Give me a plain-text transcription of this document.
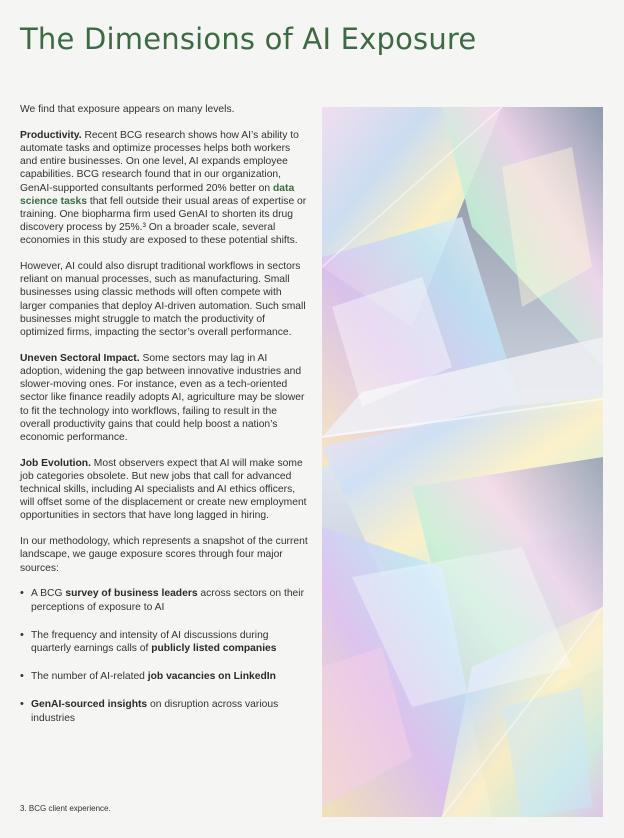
The Dimensions of AI Exposure

We find that exposure appears on many levels.

Productivity. Recent BCG research shows how AI’s ability to automate tasks and optimize processes helps both workers and entire businesses. On one level, AI expands employee capabilities. BCG research found that in our organization, GenAI-supported consultants performed 20% better on data science tasks that fell outside their usual areas of expertise or training. One biopharma firm used GenAI to shorten its drug discovery process by 25%.³ On a broader scale, several economies in this study are exposed to these potential shifts.

However, AI could also disrupt traditional workflows in sectors reliant on manual processes, such as manufacturing. Small businesses using classic methods will often compete with larger companies that deploy AI-driven automation. Such small businesses might struggle to match the productivity of optimized firms, impacting the sector’s overall performance.

Uneven Sectoral Impact. Some sectors may lag in AI adoption, widening the gap between innovative industries and slower-moving ones. For instance, even as a tech-oriented sector like finance readily adopts AI, agriculture may be slower to fit the technology into workflows, failing to result in the overall productivity gains that could help boost a nation’s economic performance.

Job Evolution. Most observers expect that AI will make some job categories obsolete. But new jobs that call for advanced technical skills, including AI specialists and AI ethics officers, will offset some of the displacement or create new employment opportunities in sectors that have long lagged in hiring.

In our methodology, which represents a snapshot of the current landscape, we gauge exposure scores through four major sources:

• A BCG survey of business leaders across sectors on their perceptions of exposure to AI
• The frequency and intensity of AI discussions during quarterly earnings calls of publicly listed companies
• The number of AI-related job vacancies on LinkedIn
• GenAI-sourced insights on disruption across various industries
3. BCG client experience.
